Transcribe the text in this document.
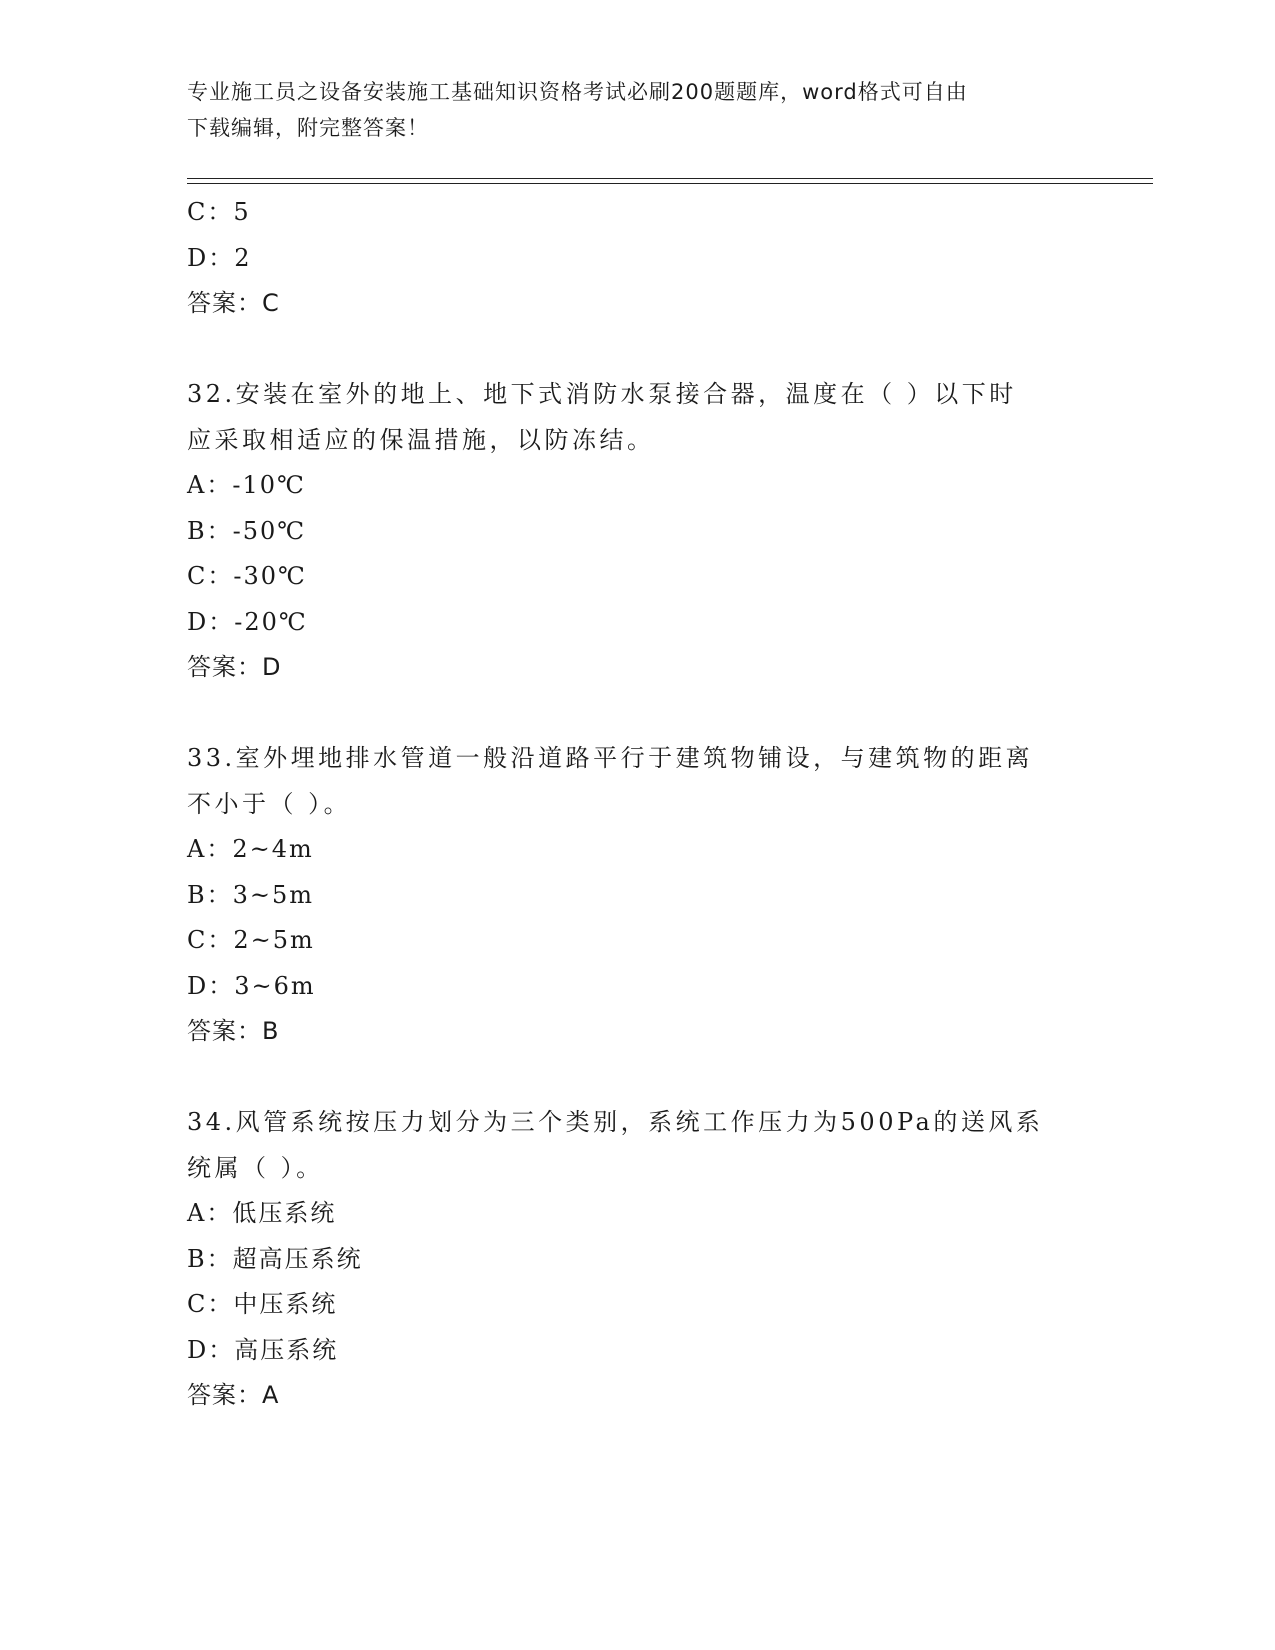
专业施工员之设备安装施工基础知识资格考试必刷200题题库，word格式可自由
下载编辑，附完整答案！
C：5
D：2
答案：C
32.安装在室外的地上、地下式消防水泵接合器，温度在（ ）以下时
应采取相适应的保温措施，以防冻结。
A：-10℃
B：-50℃
C：-30℃
D：-20℃
答案：D
33.室外埋地排水管道一般沿道路平行于建筑物铺设，与建筑物的距离
不小于（ ）。
A：2~4m
B：3~5m
C：2~5m
D：3~6m
答案：B
34.风管系统按压力划分为三个类别，系统工作压力为500Pa的送风系
统属（ ）。
A：低压系统
B：超高压系统
C：中压系统
D：高压系统
答案：A
